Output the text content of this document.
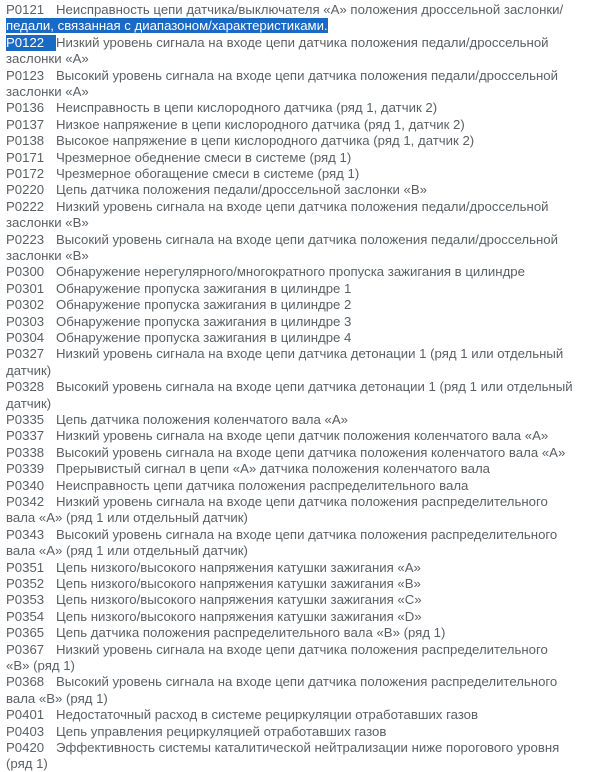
P0121 Неисправность цепи датчика/выключателя «А» положения дроссельной заслонки/
педали, связанная с диапазоном/характеристиками.
P0122 Низкий уровень сигнала на входе цепи датчика положения педали/дроссельной
заслонки «А»
P0123 Высокий уровень сигнала на входе цепи датчика положения педали/дроссельной
заслонки «А»
P0136 Неисправность в цепи кислородного датчика (ряд 1, датчик 2)
P0137 Низкое напряжение в цепи кислородного датчика (ряд 1, датчик 2)
P0138 Высокое напряжение в цепи кислородного датчика (ряд 1, датчик 2)
P0171 Чрезмерное обеднение смеси в системе (ряд 1)
P0172 Чрезмерное обогащение смеси в системе (ряд 1)
P0220 Цепь датчика положения педали/дроссельной заслонки «В»
P0222 Низкий уровень сигнала на входе цепи датчика положения педали/дроссельной
заслонки «В»
P0223 Высокий уровень сигнала на входе цепи датчика положения педали/дроссельной
заслонки «В»
P0300 Обнаружение нерегулярного/многократного пропуска зажигания в цилиндре
P0301 Обнаружение пропуска зажигания в цилиндре 1
P0302 Обнаружение пропуска зажигания в цилиндре 2
P0303 Обнаружение пропуска зажигания в цилиндре 3
P0304 Обнаружение пропуска зажигания в цилиндре 4
P0327 Низкий уровень сигнала на входе цепи датчика детонации 1 (ряд 1 или отдельный
датчик)
P0328 Высокий уровень сигнала на входе цепи датчика детонации 1 (ряд 1 или отдельный
датчик)
P0335 Цепь датчика положения коленчатого вала «А»
P0337 Низкий уровень сигнала на входе цепи датчик положения коленчатого вала «А»
P0338 Высокий уровень сигнала на входе цепи датчика положения коленчатого вала «А»
P0339 Прерывистый сигнал в цепи «А» датчика положения коленчатого вала
P0340 Неисправность цепи датчика положения распределительного вала
P0342 Низкий уровень сигнала на входе цепи датчика положения распределительного
вала «А» (ряд 1 или отдельный датчик)
P0343 Высокий уровень сигнала на входе цепи датчика положения распределительного
вала «А» (ряд 1 или отдельный датчик)
P0351 Цепь низкого/высокого напряжения катушки зажигания «А»
P0352 Цепь низкого/высокого напряжения катушки зажигания «В»
P0353 Цепь низкого/высокого напряжения катушки зажигания «С»
P0354 Цепь низкого/высокого напряжения катушки зажигания «D»
P0365 Цепь датчика положения распределительного вала «В» (ряд 1)
P0367 Низкий уровень сигнала на входе цепи датчика положения распределительного
«В» (ряд 1)
P0368 Высокий уровень сигнала на входе цепи датчика положения распределительного
вала «В» (ряд 1)
P0401 Недостаточный расход в системе рециркуляции отработавших газов
P0403 Цепь управления рециркуляцией отработавших газов
P0420 Эффективность системы каталитической нейтрализации ниже порогового уровня
(ряд 1)
